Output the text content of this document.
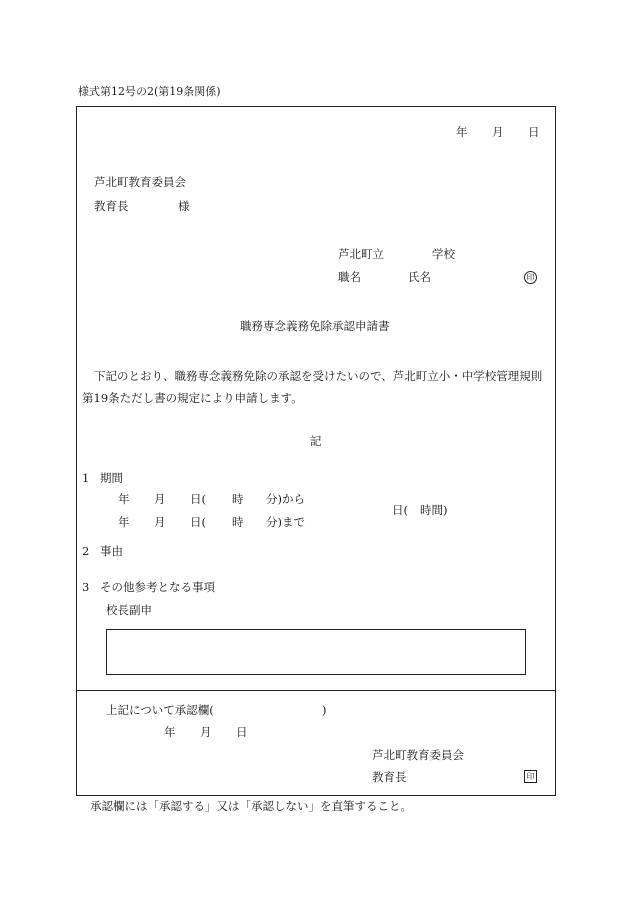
様式第12号の2(第19条関係)
年 月 日
芦北町教育委員会
教育長	様
芦北町立	学校
職名	氏名	印
職務専念義務免除承認申請書
下記のとおり、職務専念義務免除の承認を受けたいので、芦北町立小・中学校管理規則
第19条ただし書の規定により申請します。
記
1 期間
年 月 日( 時 分)から
年 月 日( 時 分)まで
日( 時間)
2 事由
3 その他参考となる事項
校長副申
上記について承認欄(	)
年 月 日
芦北町教育委員会
教育長	印
承認欄には「承認する」又は「承認しない」を直筆すること。
